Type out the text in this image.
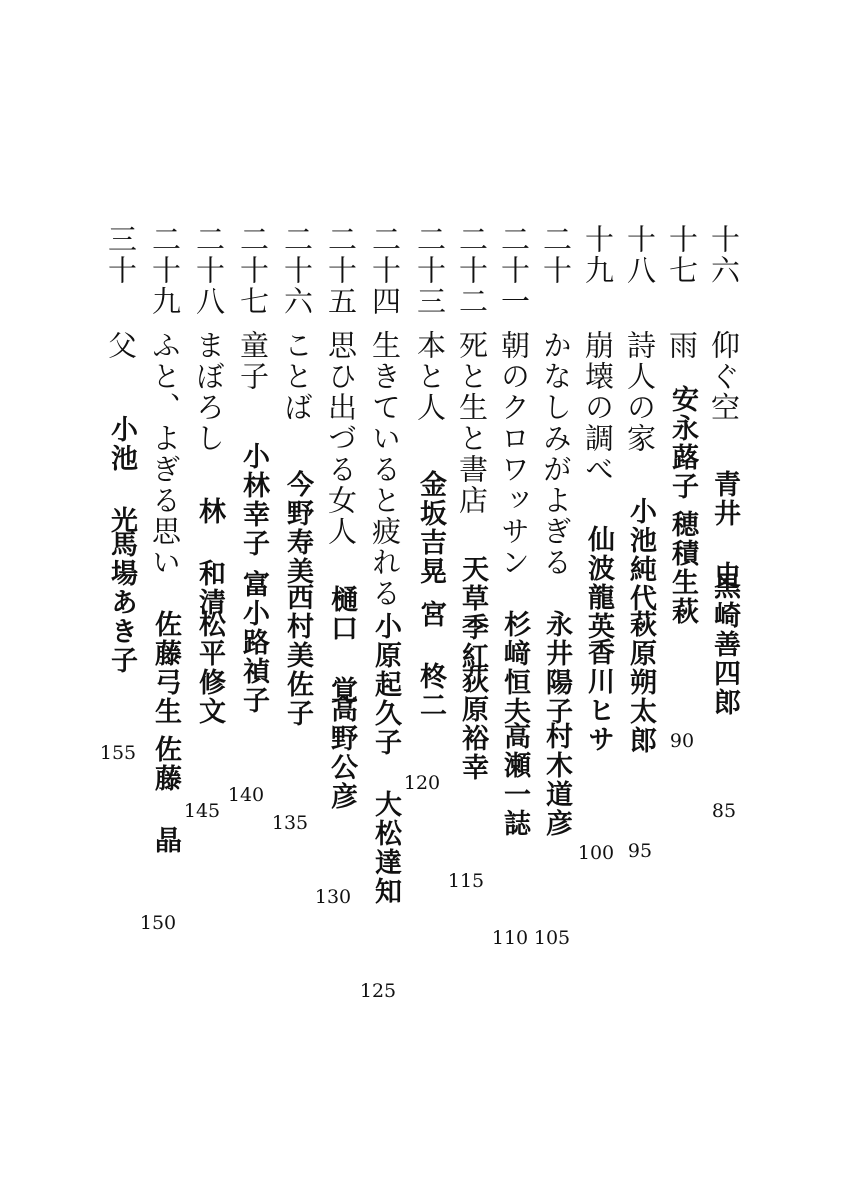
十六
仰ぐ空
青井 史
黒崎善四郎
85
十七
雨
安永蕗子
穂積生萩
90
十八
詩人の家
小池純代
萩原朔太郎
95
十九
崩壊の調べ
仙波龍英
香川ヒサ
100
二十
かなしみがよぎる
永井陽子
村木道彦
105
二十一
朝のクロワッサン
杉﨑恒夫
高瀬一誌
110
二十二
死と生と書店
天草季紅
荻原裕幸
115
二十三
本と人
金坂吉晃
宮 柊二
120
二十四
生きていると疲れる
小原起久子
大松達知
125
二十五
思ひ出づる女人
樋口 覚
高野公彦
130
二十六
ことば
今野寿美
西村美佐子
135
二十七
童子
小林幸子
富小路禎子
140
二十八
まぼろし
林 和清
松平修文
145
二十九
ふと、よぎる思い
佐藤弓生
佐藤 晶
150
三十
父
小池 光
馬場あき子
155
